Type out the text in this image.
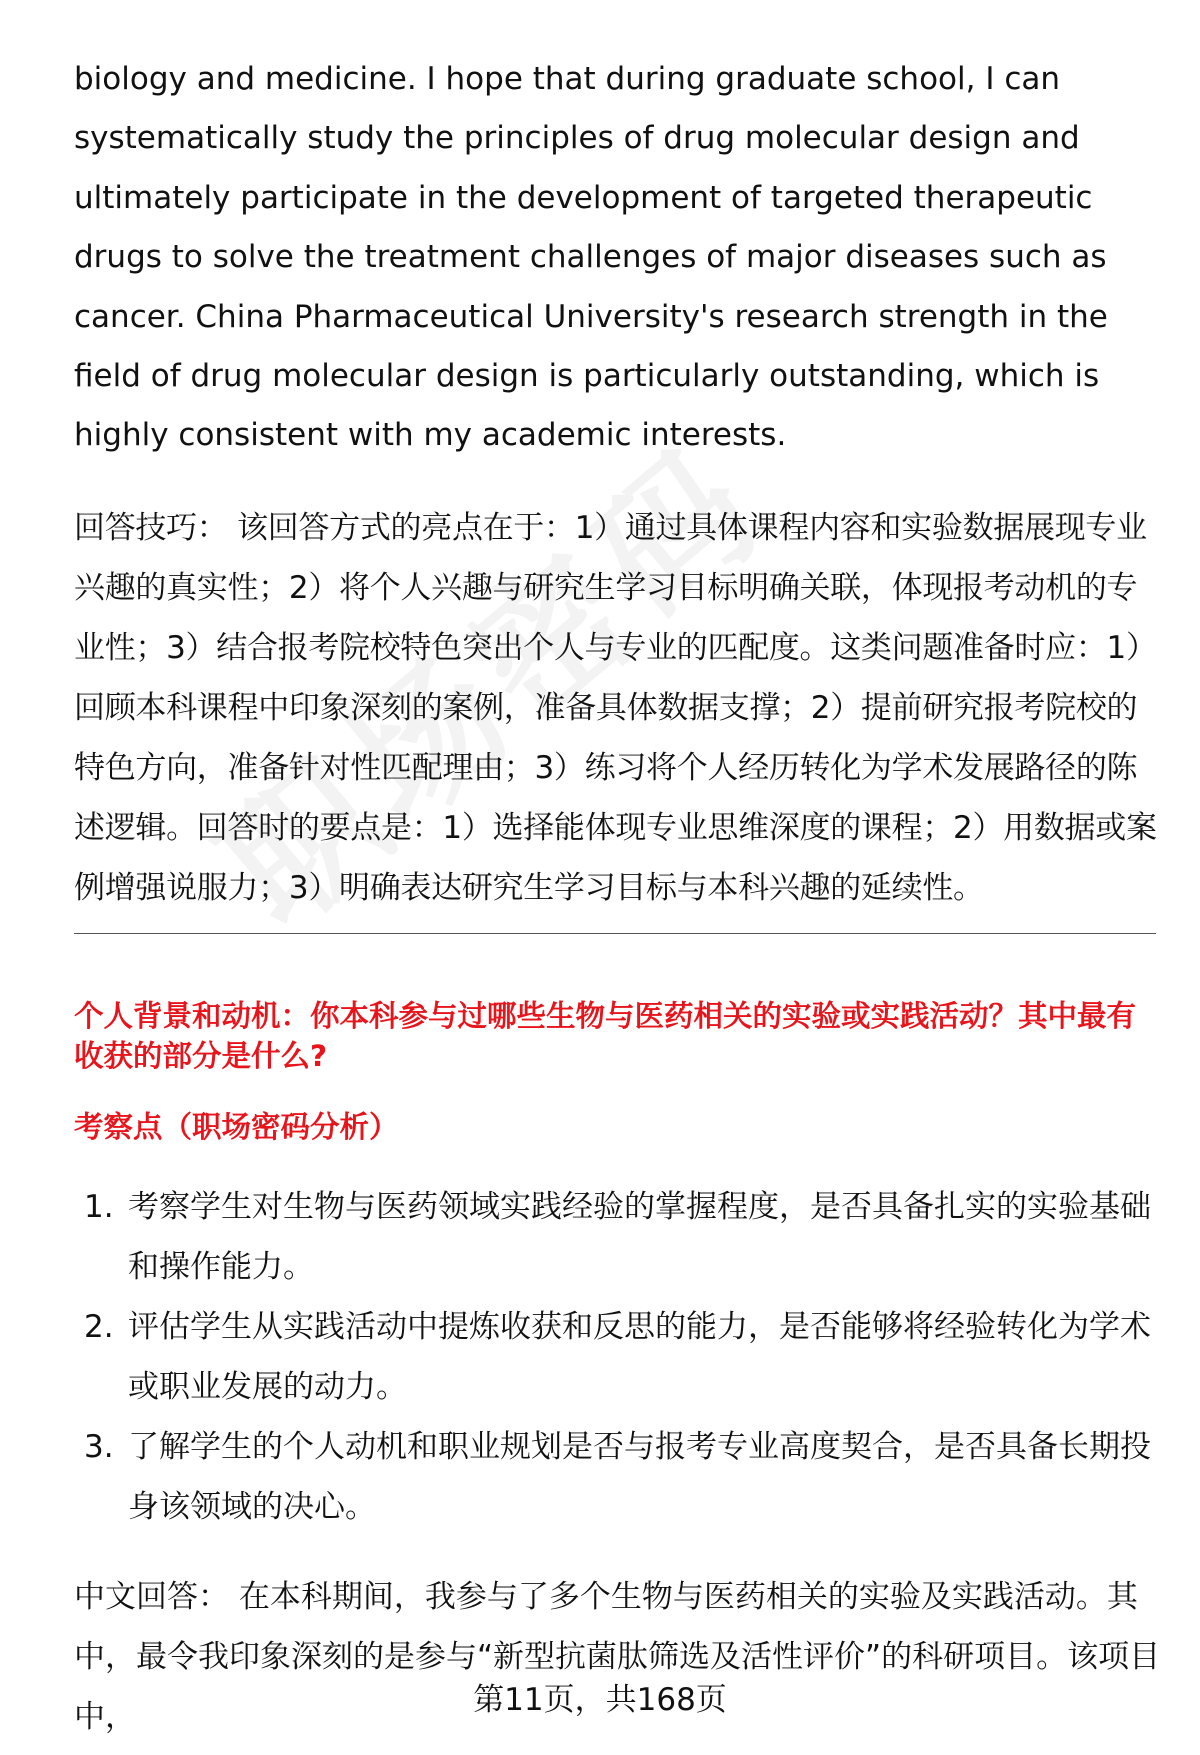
biology and medicine. I hope that during graduate school, I can systematically study the principles of drug molecular design and ultimately participate in the development of targeted therapeutic drugs to solve the treatment challenges of major diseases such as cancer. China Pharmaceutical University's research strength in the field of drug molecular design is particularly outstanding, which is highly consistent with my academic interests.

回答技巧： 该回答方式的亮点在于：1）通过具体课程内容和实验数据展现专业兴趣的真实性；2）将个人兴趣与研究生学习目标明确关联，体现报考动机的专业性；3）结合报考院校特色突出个人与专业的匹配度。这类问题准备时应：1）回顾本科课程中印象深刻的案例，准备具体数据支撑；2）提前研究报考院校的特色方向，准备针对性匹配理由；3）练习将个人经历转化为学术发展路径的陈述逻辑。回答时的要点是：1）选择能体现专业思维深度的课程；2）用数据或案例增强说服力；3）明确表达研究生学习目标与本科兴趣的延续性。

个人背景和动机：你本科参与过哪些生物与医药相关的实验或实践活动？其中最有收获的部分是什么?

考察点（职场密码分析）

1. 考察学生对生物与医药领域实践经验的掌握程度，是否具备扎实的实验基础和操作能力。
2. 评估学生从实践活动中提炼收获和反思的能力，是否能够将经验转化为学术或职业发展的动力。
3. 了解学生的个人动机和职业规划是否与报考专业高度契合，是否具备长期投身该领域的决心。

中文回答： 在本科期间，我参与了多个生物与医药相关的实验及实践活动。其中，最令我印象深刻的是参与“新型抗菌肽筛选及活性评价”的科研项目。该项目中，	第11页，共168页
